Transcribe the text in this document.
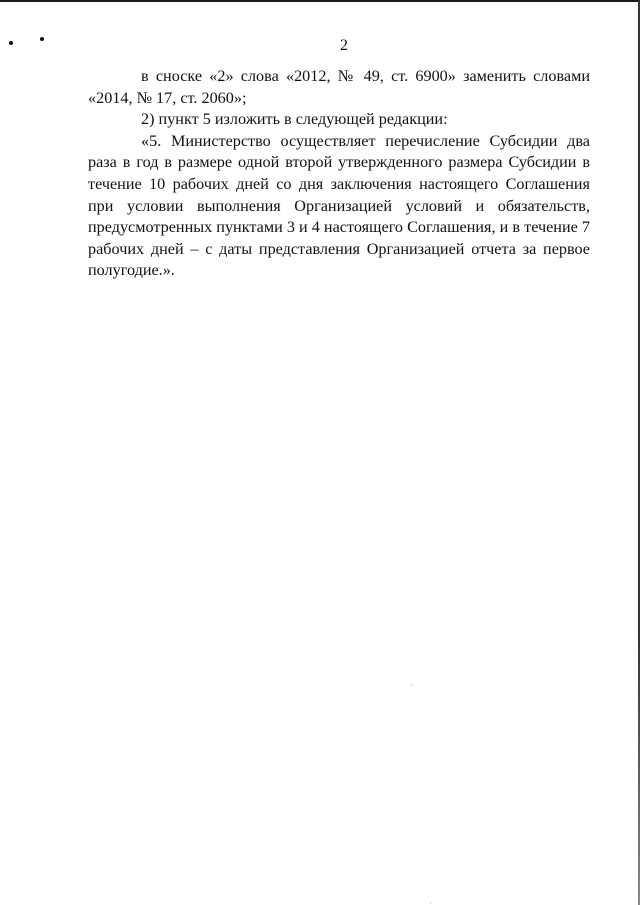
2

в сноске «2» слова «2012, № 49, ст. 6900» заменить словами «2014, № 17, ст. 2060»;

2) пункт 5 изложить в следующей редакции:

«5. Министерство осуществляет перечисление Субсидии два раза в год в размере одной второй утвержденного размера Субсидии в течение 10 рабочих дней со дня заключения настоящего Соглашения при условии выполнения Организацией условий и обязательств, предусмотренных пунктами 3 и 4 настоящего Соглашения, и в течение 7 рабочих дней – с даты представления Организацией отчета за первое полугодие.».
